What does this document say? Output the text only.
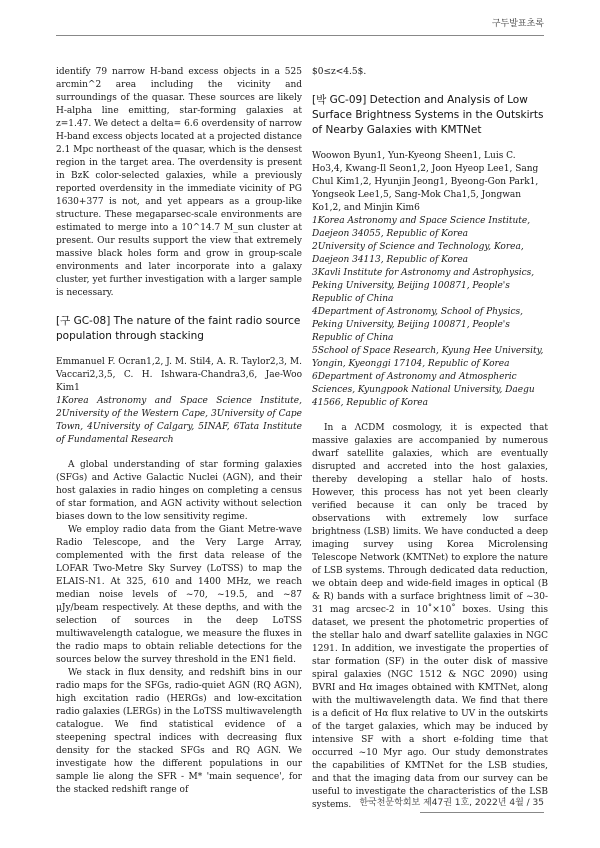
구두발표초록

identify 79 narrow H-band excess objects in a 525 arcmin^2 area including the vicinity and surroundings of the quasar. These sources are likely H-alpha line emitting, star-forming galaxies at z=1.47. We detect a delta= 6.6 overdensity of narrow H-band excess objects located at a projected distance 2.1 Mpc northeast of the quasar, which is the densest region in the target area. The overdensity is present in BzK color-selected galaxies, while a previously reported overdensity in the immediate vicinity of PG 1630+377 is not, and yet appears as a group-like structure. These megaparsec-scale environments are estimated to merge into a 10^14.7 M_sun cluster at present. Our results support the view that extremely massive black holes form and grow in group-scale environments and later incorporate into a galaxy cluster, yet further investigation with a larger sample is necessary.

[구 GC-08] The nature of the faint radio source population through stacking

Emmanuel F. Ocran1,2, J. M. Stil4, A. R. Taylor2,3, M. Vaccari2,3,5, C. H. Ishwara-Chandra3,6, Jae-Woo Kim1

1Korea Astronomy and Space Science Institute, 2University of the Western Cape, 3University of Cape Town, 4University of Calgary, 5INAF, 6Tata Institute of Fundamental Research

A global understanding of star forming galaxies (SFGs) and Active Galactic Nuclei (AGN), and their host galaxies in radio hinges on completing a census of star formation, and AGN activity without selection biases down to the low sensitivity regime.

We employ radio data from the Giant Metre-wave Radio Telescope, and the Very Large Array, complemented with the first data release of the LOFAR Two-Metre Sky Survey (LoTSS) to map the ELAIS-N1. At 325, 610 and 1400 MHz, we reach median noise levels of ~70, ~19.5, and ~87 μJy/beam respectively. At these depths, and with the selection of sources in the deep LoTSS multiwavelength catalogue, we measure the fluxes in the radio maps to obtain reliable detections for the sources below the survey threshold in the EN1 field.

We stack in flux density, and redshift bins in our radio maps for the SFGs, radio-quiet AGN (RQ AGN), high excitation radio (HERGs) and low-excitation radio galaxies (LERGs) in the LoTSS multiwavelength catalogue. We find statistical evidence of a steepening spectral indices with decreasing flux density for the stacked SFGs and RQ AGN. We investigate how the different populations in our sample lie along the SFR - M* 'main sequence', for the stacked redshift range of

$0≤z<4.5$.

[박 GC-09] Detection and Analysis of Low Surface Brightness Systems in the Outskirts of Nearby Galaxies with KMTNet

Woowon Byun1, Yun-Kyeong Sheen1, Luis C. Ho3,4, Kwang-Il Seon1,2, Joon Hyeop Lee1, Sang Chul Kim1,2, Hyunjin Jeong1, Byeong-Gon Park1, Yongseok Lee1,5, Sang-Mok Cha1,5, Jongwan Ko1,2, and Minjin Kim6

1Korea Astronomy and Space Science Institute, Daejeon 34055, Republic of Korea

2University of Science and Technology, Korea, Daejeon 34113, Republic of Korea

3Kavli Institute for Astronomy and Astrophysics, Peking University, Beijing 100871, People's Republic of China

4Department of Astronomy, School of Physics, Peking University, Beijing 100871, People's Republic of China

5School of Space Research, Kyung Hee University, Yongin, Kyeonggi 17104, Republic of Korea

6Department of Astronomy and Atmospheric Sciences, Kyungpook National University, Daegu 41566, Republic of Korea

In a ΛCDM cosmology, it is expected that massive galaxies are accompanied by numerous dwarf satellite galaxies, which are eventually disrupted and accreted into the host galaxies, thereby developing a stellar halo of hosts. However, this process has not yet been clearly verified because it can only be traced by observations with extremely low surface brightness (LSB) limits. We have conducted a deep imaging survey using Korea Microlensing Telescope Network (KMTNet) to explore the nature of LSB systems. Through dedicated data reduction, we obtain deep and wide-field images in optical (B & R) bands with a surface brightness limit of ~30-31 mag arcsec-2 in 10˚×10˚ boxes. Using this dataset, we present the photometric properties of the stellar halo and dwarf satellite galaxies in NGC 1291. In addition, we investigate the properties of star formation (SF) in the outer disk of massive spiral galaxies (NGC 1512 & NGC 2090) using BVRI and Hα images obtained with KMTNet, along with the multiwavelength data. We find that there is a deficit of Hα flux relative to UV in the outskirts of the target galaxies, which may be induced by intensive SF with a short e-folding time that occurred ~10 Myr ago. Our study demonstrates the capabilities of KMTNet for the LSB studies, and that the imaging data from our survey can be useful to investigate the characteristics of the LSB systems. 한국천문학회보 제47권 1호, 2022년 4월 / 35
